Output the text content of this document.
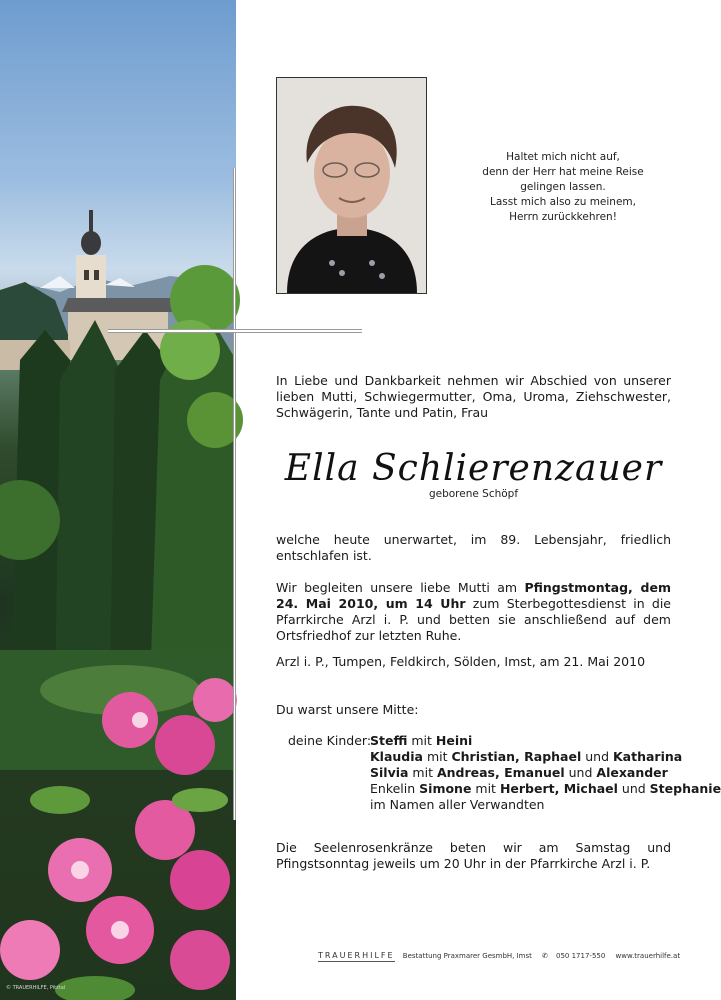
Haltet mich nicht auf,
denn der Herr hat meine Reise
gelingen lassen.
Lasst mich also zu meinem,
Herrn zurückkehren!
In Liebe und Dankbarkeit nehmen wir Abschied von unserer lieben Mutti, Schwiegermutter, Oma, Uroma, Ziehschwester, Schwägerin, Tante und Patin, Frau
Ella Schlierenzauer
geborene Schöpf
welche heute unerwartet, im 89. Lebensjahr, friedlich entschlafen ist.
Wir begleiten unsere liebe Mutti am Pfingstmontag, dem 24. Mai 2010, um 14 Uhr zum Sterbegottesdienst in die Pfarrkirche Arzl i. P. und betten sie anschließend auf dem Ortsfriedhof zur letzten Ruhe.
Arzl i. P., Tumpen, Feldkirch, Sölden, Imst, am 21. Mai 2010
Du warst unsere Mitte:
deine Kinder:
Steffi mit Heini
Klaudia mit Christian, Raphael und Katharina
Silvia mit Andreas, Emanuel und Alexander
Enkelin Simone mit Herbert, Michael und Stephanie
im Namen aller Verwandten
Die Seelenrosenkränze beten wir am Samstag und Pfingstsonntag jeweils um 20 Uhr in der Pfarrkirche Arzl i. P.
TRAUERHILFE Bestattung Praxmarer GesmbH, Imst ✆ 050 1717-550 www.trauerhilfe.at
© TRAUERHILFE, Pitztal
